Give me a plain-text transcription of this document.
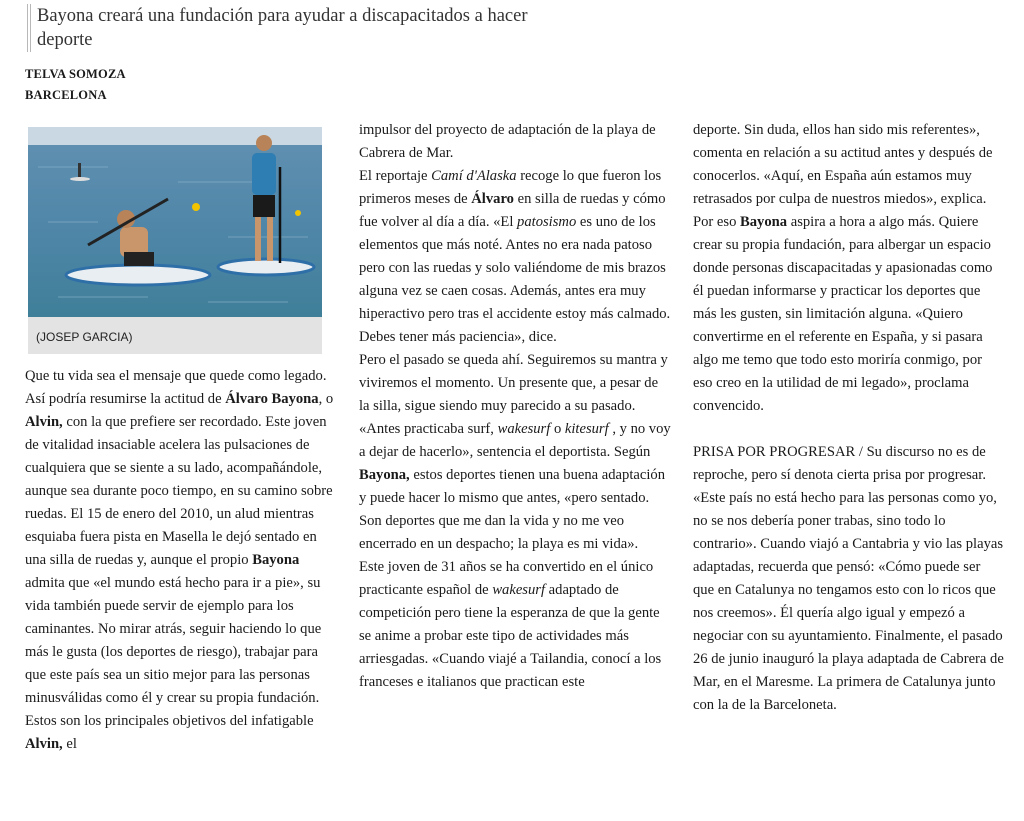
Bayona creará una fundación para ayudar a discapacitados a hacer deporte
TELVA SOMOZA
BARCELONA
(JOSEP GARCIA)

Que tu vida sea el mensaje que quede como legado. Así podría resumirse la actitud de Álvaro Bayona, o Alvin, con la que prefiere ser recordado. Este joven de vitalidad insaciable acelera las pulsaciones de cualquiera que se siente a su lado, acompañándole, aunque sea durante poco tiempo, en su camino sobre ruedas. El 15 de enero del 2010, un alud mientras esquiaba fuera pista en Masella le dejó sentado en una silla de ruedas y, aunque el propio Bayona admita que «el mundo está hecho para ir a pie», su vida también puede servir de ejemplo para los caminantes. No mirar atrás, seguir haciendo lo que más le gusta (los deportes de riesgo), trabajar para que este país sea un sitio mejor para las personas minusválidas como él y crear su propia fundación. Estos son los principales objetivos del infatigable Alvin, el

impulsor del proyecto de adaptación de la playa de Cabrera de Mar.

El reportaje Camí d'Alaska recoge lo que fueron los primeros meses de Álvaro en silla de ruedas y cómo fue volver al día a día. «El patosismo es uno de los elementos que más noté. Antes no era nada patoso pero con las ruedas y solo valiéndome de mis brazos alguna vez se caen cosas. Además, antes era muy hiperactivo pero tras el accidente estoy más calmado. Debes tener más paciencia», dice.

Pero el pasado se queda ahí. Seguiremos su mantra y viviremos el momento. Un presente que, a pesar de la silla, sigue siendo muy parecido a su pasado. «Antes practicaba surf, wakesurf o kitesurf , y no voy a dejar de hacerlo», sentencia el deportista. Según Bayona, estos deportes tienen una buena adaptación y puede hacer lo mismo que antes, «pero sentado. Son deportes que me dan la vida y no me veo encerrado en un despacho; la playa es mi vida».

Este joven de 31 años se ha convertido en el único practicante español de wakesurf adaptado de competición pero tiene la esperanza de que la gente se anime a probar este tipo de actividades más arriesgadas. «Cuando viajé a Tailandia, conocí a los franceses e italianos que practican este

deporte. Sin duda, ellos han sido mis referentes», comenta en relación a su actitud antes y después de conocerlos. «Aquí, en España aún estamos muy retrasados por culpa de nuestros miedos», explica.

Por eso Bayona aspira a hora a algo más. Quiere crear su propia fundación, para albergar un espacio donde personas discapacitadas y apasionadas como él puedan informarse y practicar los deportes que más les gusten, sin limitación alguna. «Quiero convertirme en el referente en España, y si pasara algo me temo que todo esto moriría conmigo, por eso creo en la utilidad de mi legado», proclama convencido.

PRISA POR PROGRESAR / Su discurso no es de reproche, pero sí denota cierta prisa por progresar. «Este país no está hecho para las personas como yo, no se nos debería poner trabas, sino todo lo contrario». Cuando viajó a Cantabria y vio las playas adaptadas, recuerda que pensó: «Cómo puede ser que en Catalunya no tengamos esto con lo ricos que nos creemos». Él quería algo igual y empezó a negociar con su ayuntamiento. Finalmente, el pasado 26 de junio inauguró la playa adaptada de Cabrera de Mar, en el Maresme. La primera de Catalunya junto con la de la Barceloneta.
